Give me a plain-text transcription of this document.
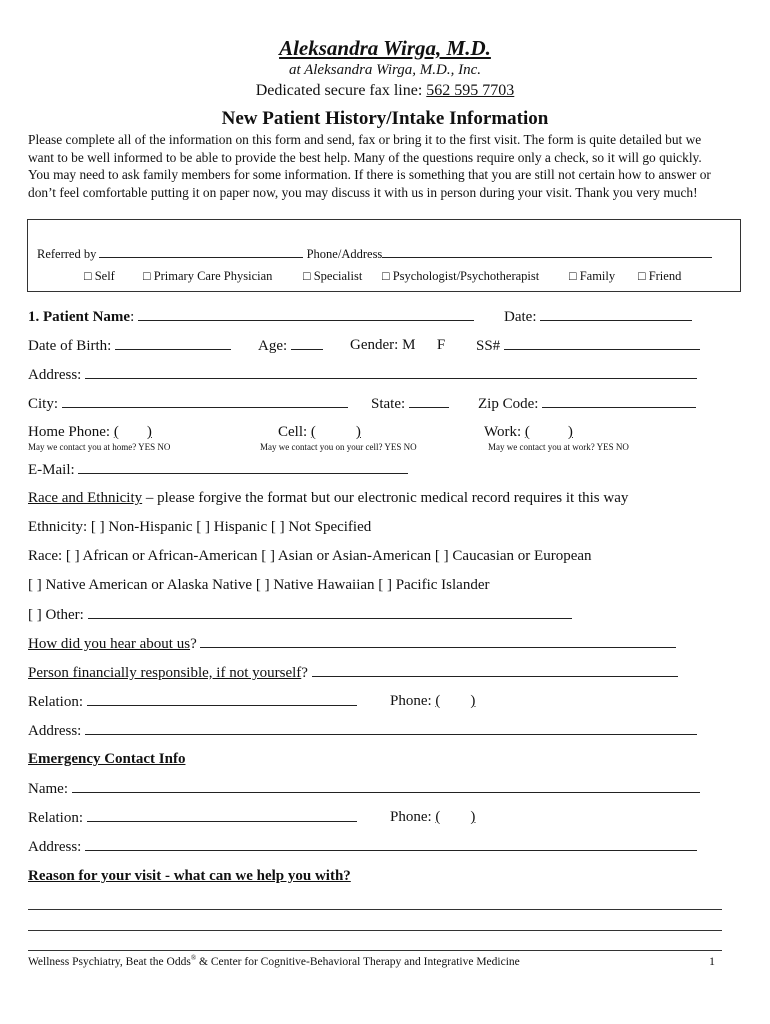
Aleksandra Wirga, M.D.
at Aleksandra Wirga, M.D., Inc.
Dedicated secure fax line: 562 595 7703
New Patient History/Intake Information
Please complete all of the information on this form and send, fax or bring it to the first visit. The form is quite detailed but we want to be well informed to be able to provide the best help. Many of the questions require only a check, so it will go quickly. You may need to ask family members for some information. If there is something that you are still not certain how to answer or don’t feel comfortable putting it on paper now, you may discuss it with us in person during your visit. Thank you very much!
Referred by	Phone/Address
□ Self □ Primary Care Physician □ Specialist □ Psychologist/Psychotherapist □ Family □ Friend
1. Patient Name:	Date:
Date of Birth:	Age:	Gender: M F SS#
Address:
City:	State:	Zip Code:
Home Phone: ( )	Cell: (	)	Work: (	)
May we contact you at home? YES NO	May we contact you on your cell? YES NO	May we contact you at work? YES NO
E-Mail:
Race and Ethnicity – please forgive the format but our electronic medical record requires it this way
Ethnicity: [ ] Non-Hispanic [ ] Hispanic [ ] Not Specified
Race: [ ] African or African-American [ ] Asian or Asian-American [ ] Caucasian or European
[ ] Native American or Alaska Native [ ] Native Hawaiian [ ] Pacific Islander
[ ] Other:
How did you hear about us?
Person financially responsible, if not yourself?
Relation:	Phone: ( )
Address:
Emergency Contact Info
Name:
Relation:	Phone: ( )
Address:
Reason for your visit - what can we help you with?
Wellness Psychiatry, Beat the Odds® & Center for Cognitive-Behavioral Therapy and Integrative Medicine	1
